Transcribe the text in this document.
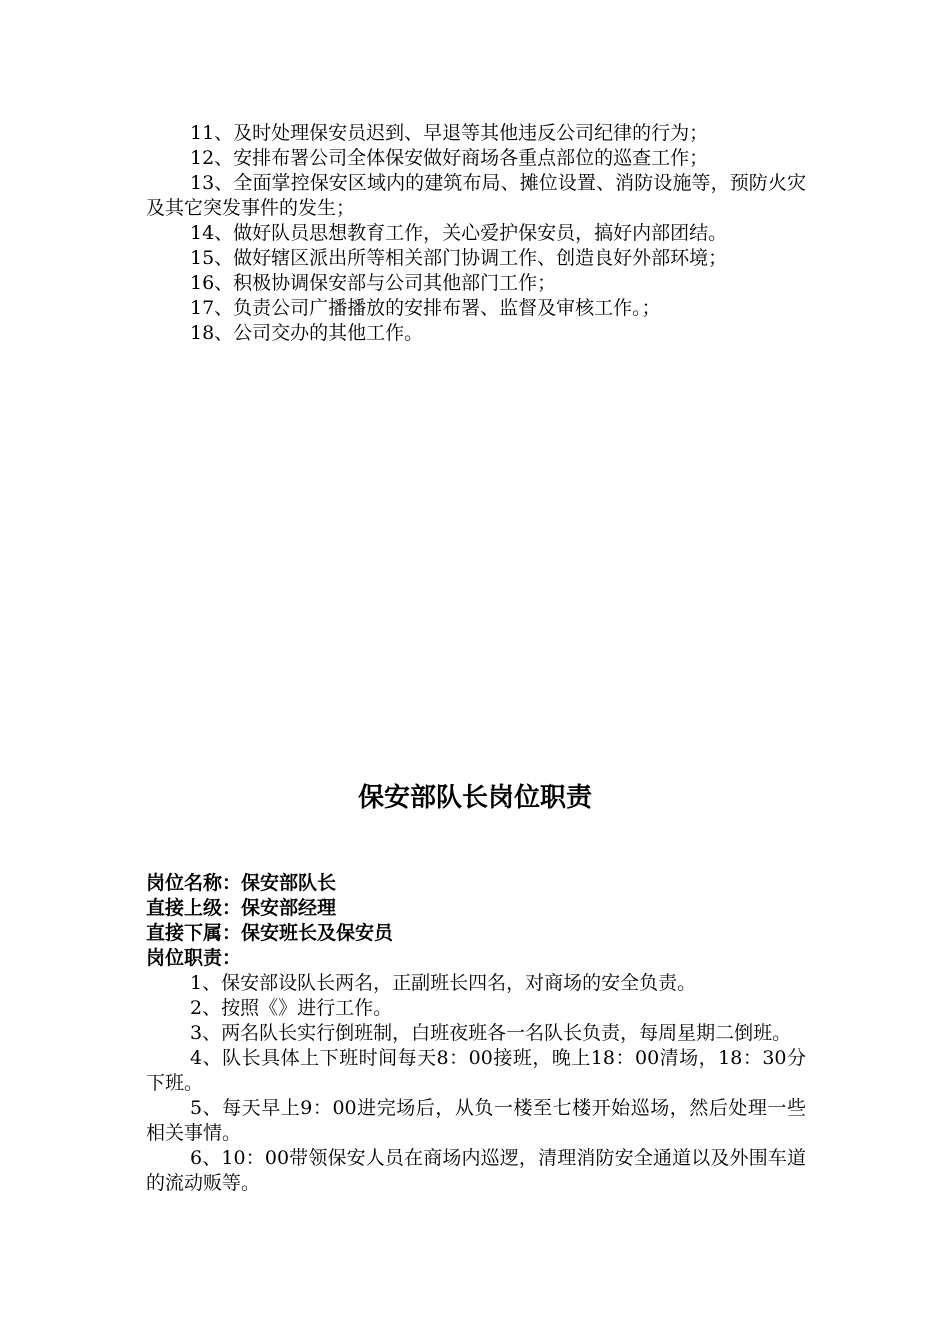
11、及时处理保安员迟到、早退等其他违反公司纪律的行为；

12、安排布署公司全体保安做好商场各重点部位的巡查工作；

13、全面掌控保安区域内的建筑布局、摊位设置、消防设施等，预防火灾及其它突发事件的发生；

14、做好队员思想教育工作，关心爱护保安员，搞好内部团结。

15、做好辖区派出所等相关部门协调工作、创造良好外部环境；

16、积极协调保安部与公司其他部门工作；

17、负责公司广播播放的安排布署、监督及审核工作。；

18、公司交办的其他工作。

保安部队长岗位职责

岗位名称：保安部队长

直接上级：保安部经理

直接下属：保安班长及保安员

岗位职责：

1、保安部设队长两名，正副班长四名，对商场的安全负责。

2、按照《》进行工作。

3、两名队长实行倒班制，白班夜班各一名队长负责，每周星期二倒班。

4、队长具体上下班时间每天8：00接班，晚上18：00清场，18：30分下班。

5、每天早上9：00进完场后，从负一楼至七楼开始巡场，然后处理一些相关事情。

6、10：00带领保安人员在商场内巡逻，清理消防安全通道以及外围车道的流动贩等。
